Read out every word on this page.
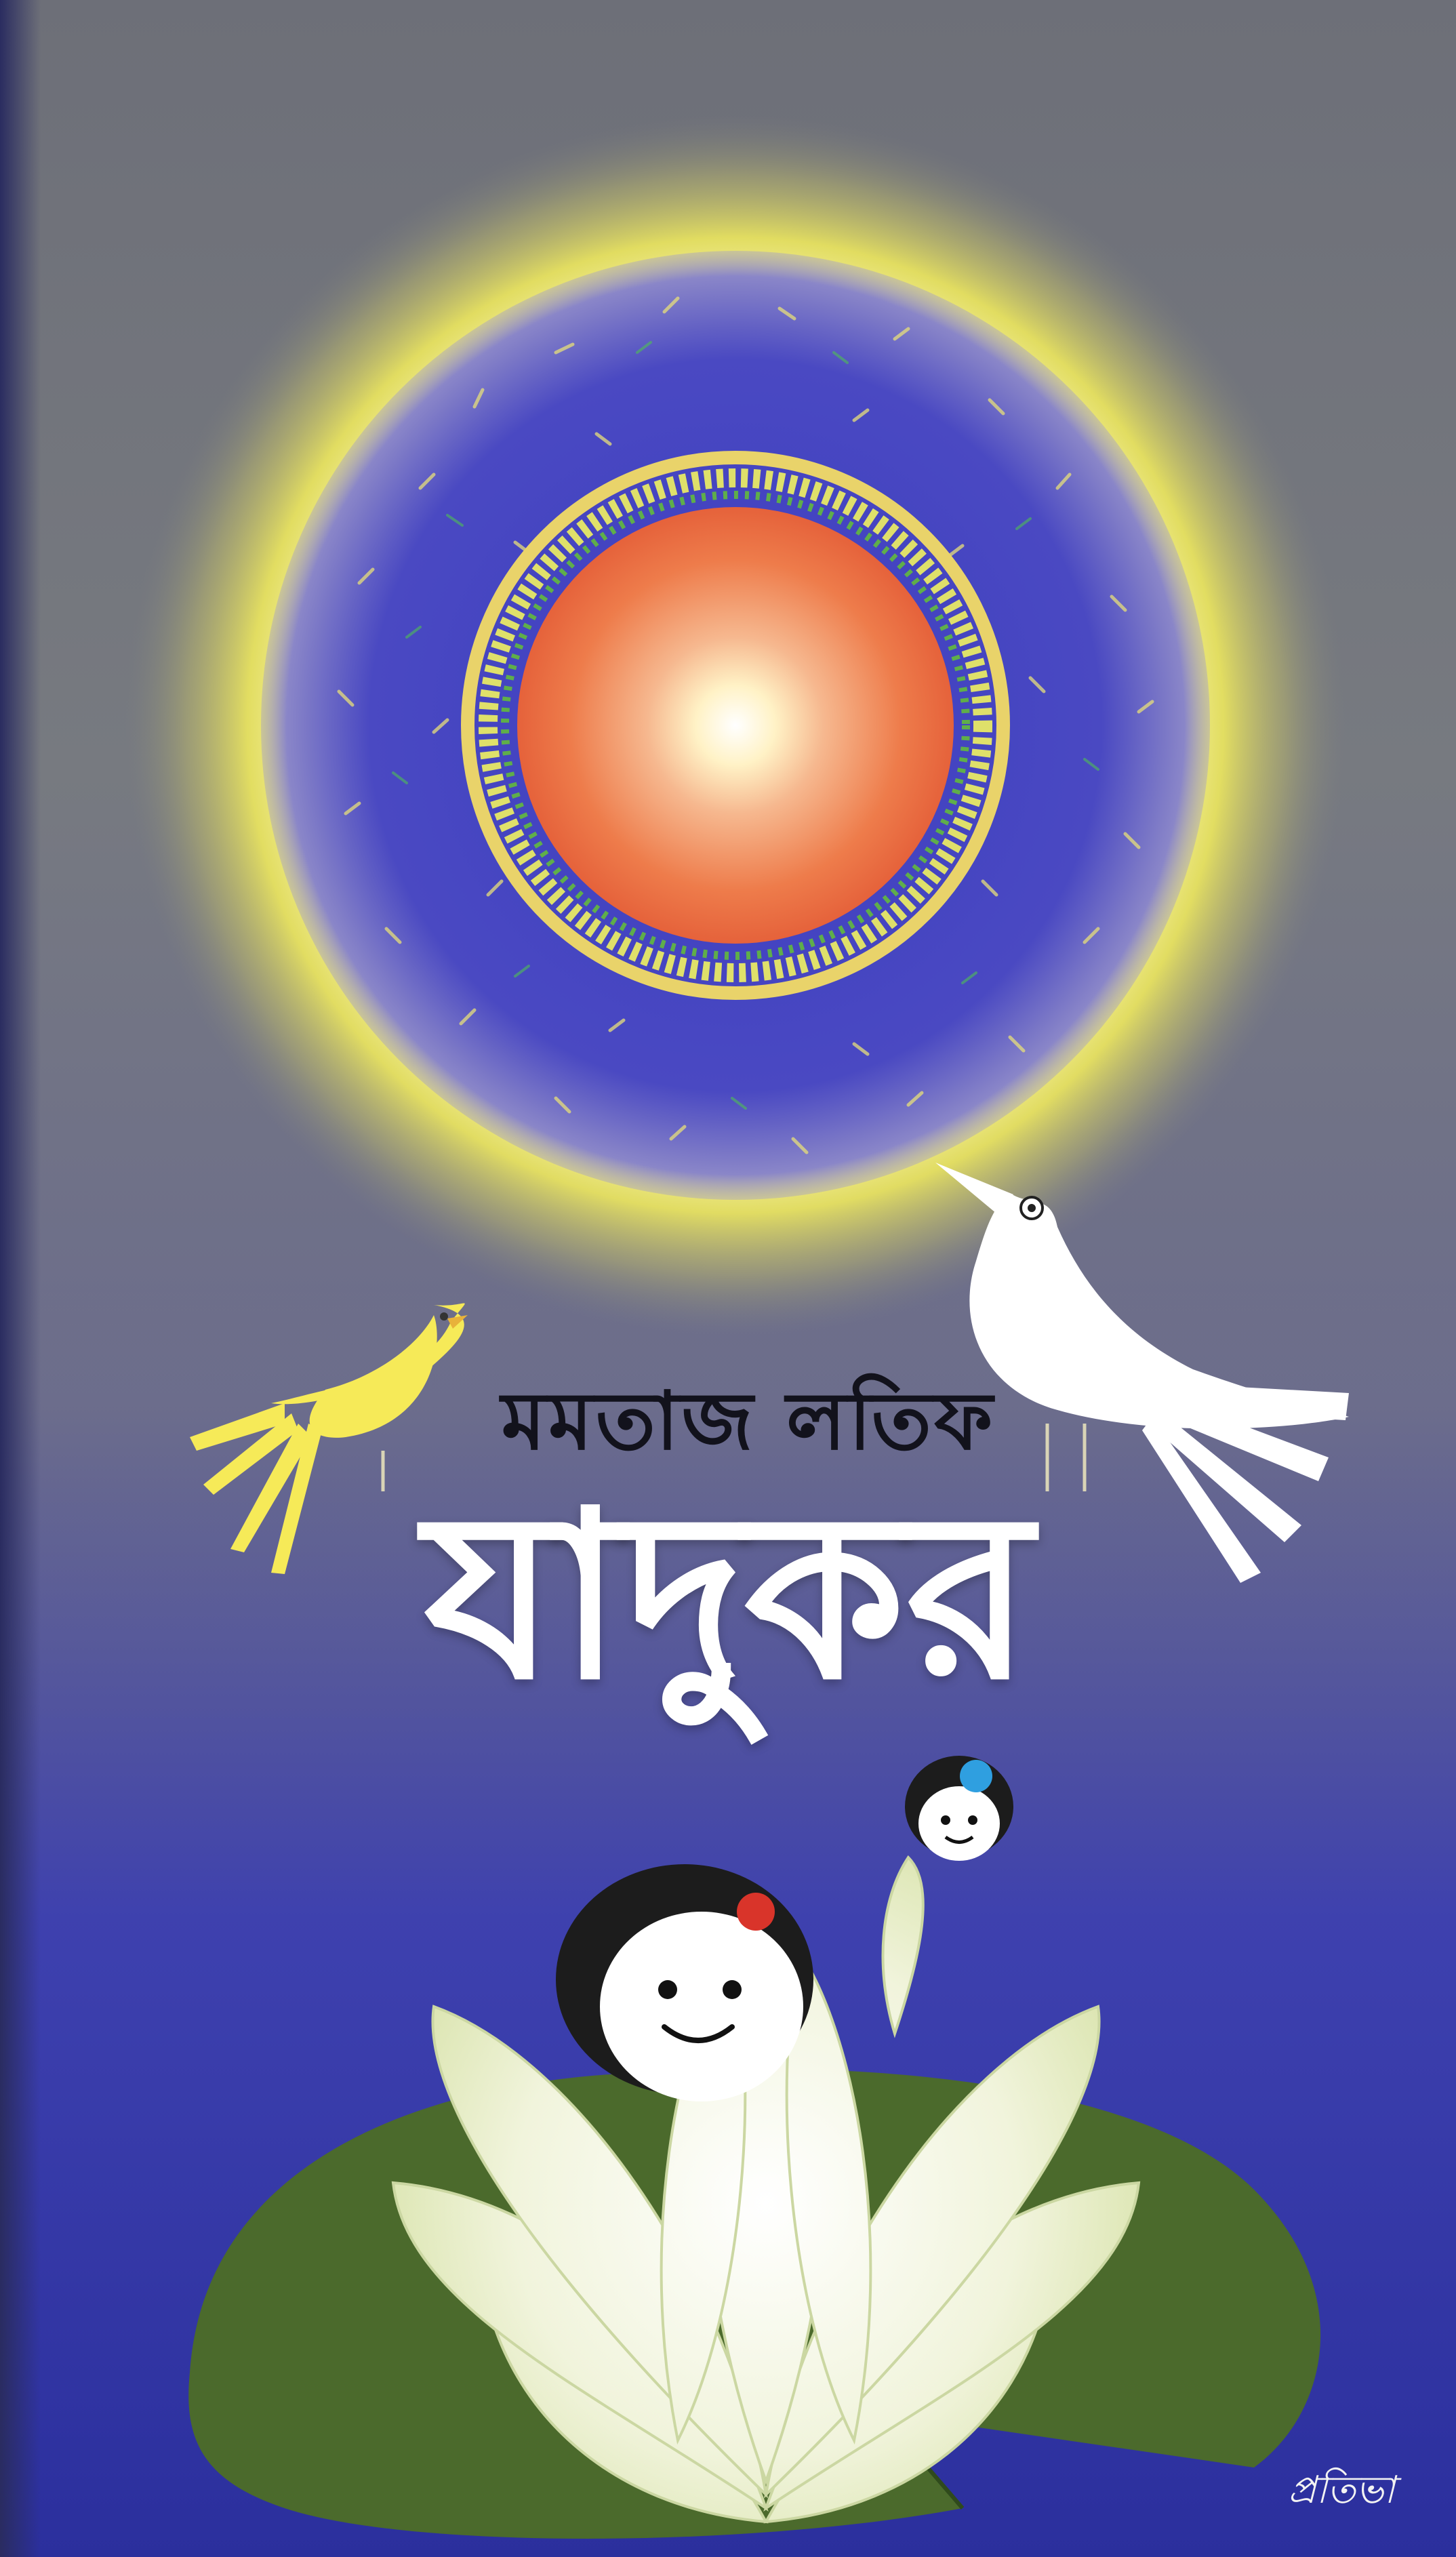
মমতাজ লতিফ
যাদুকর
প্রতিভা
